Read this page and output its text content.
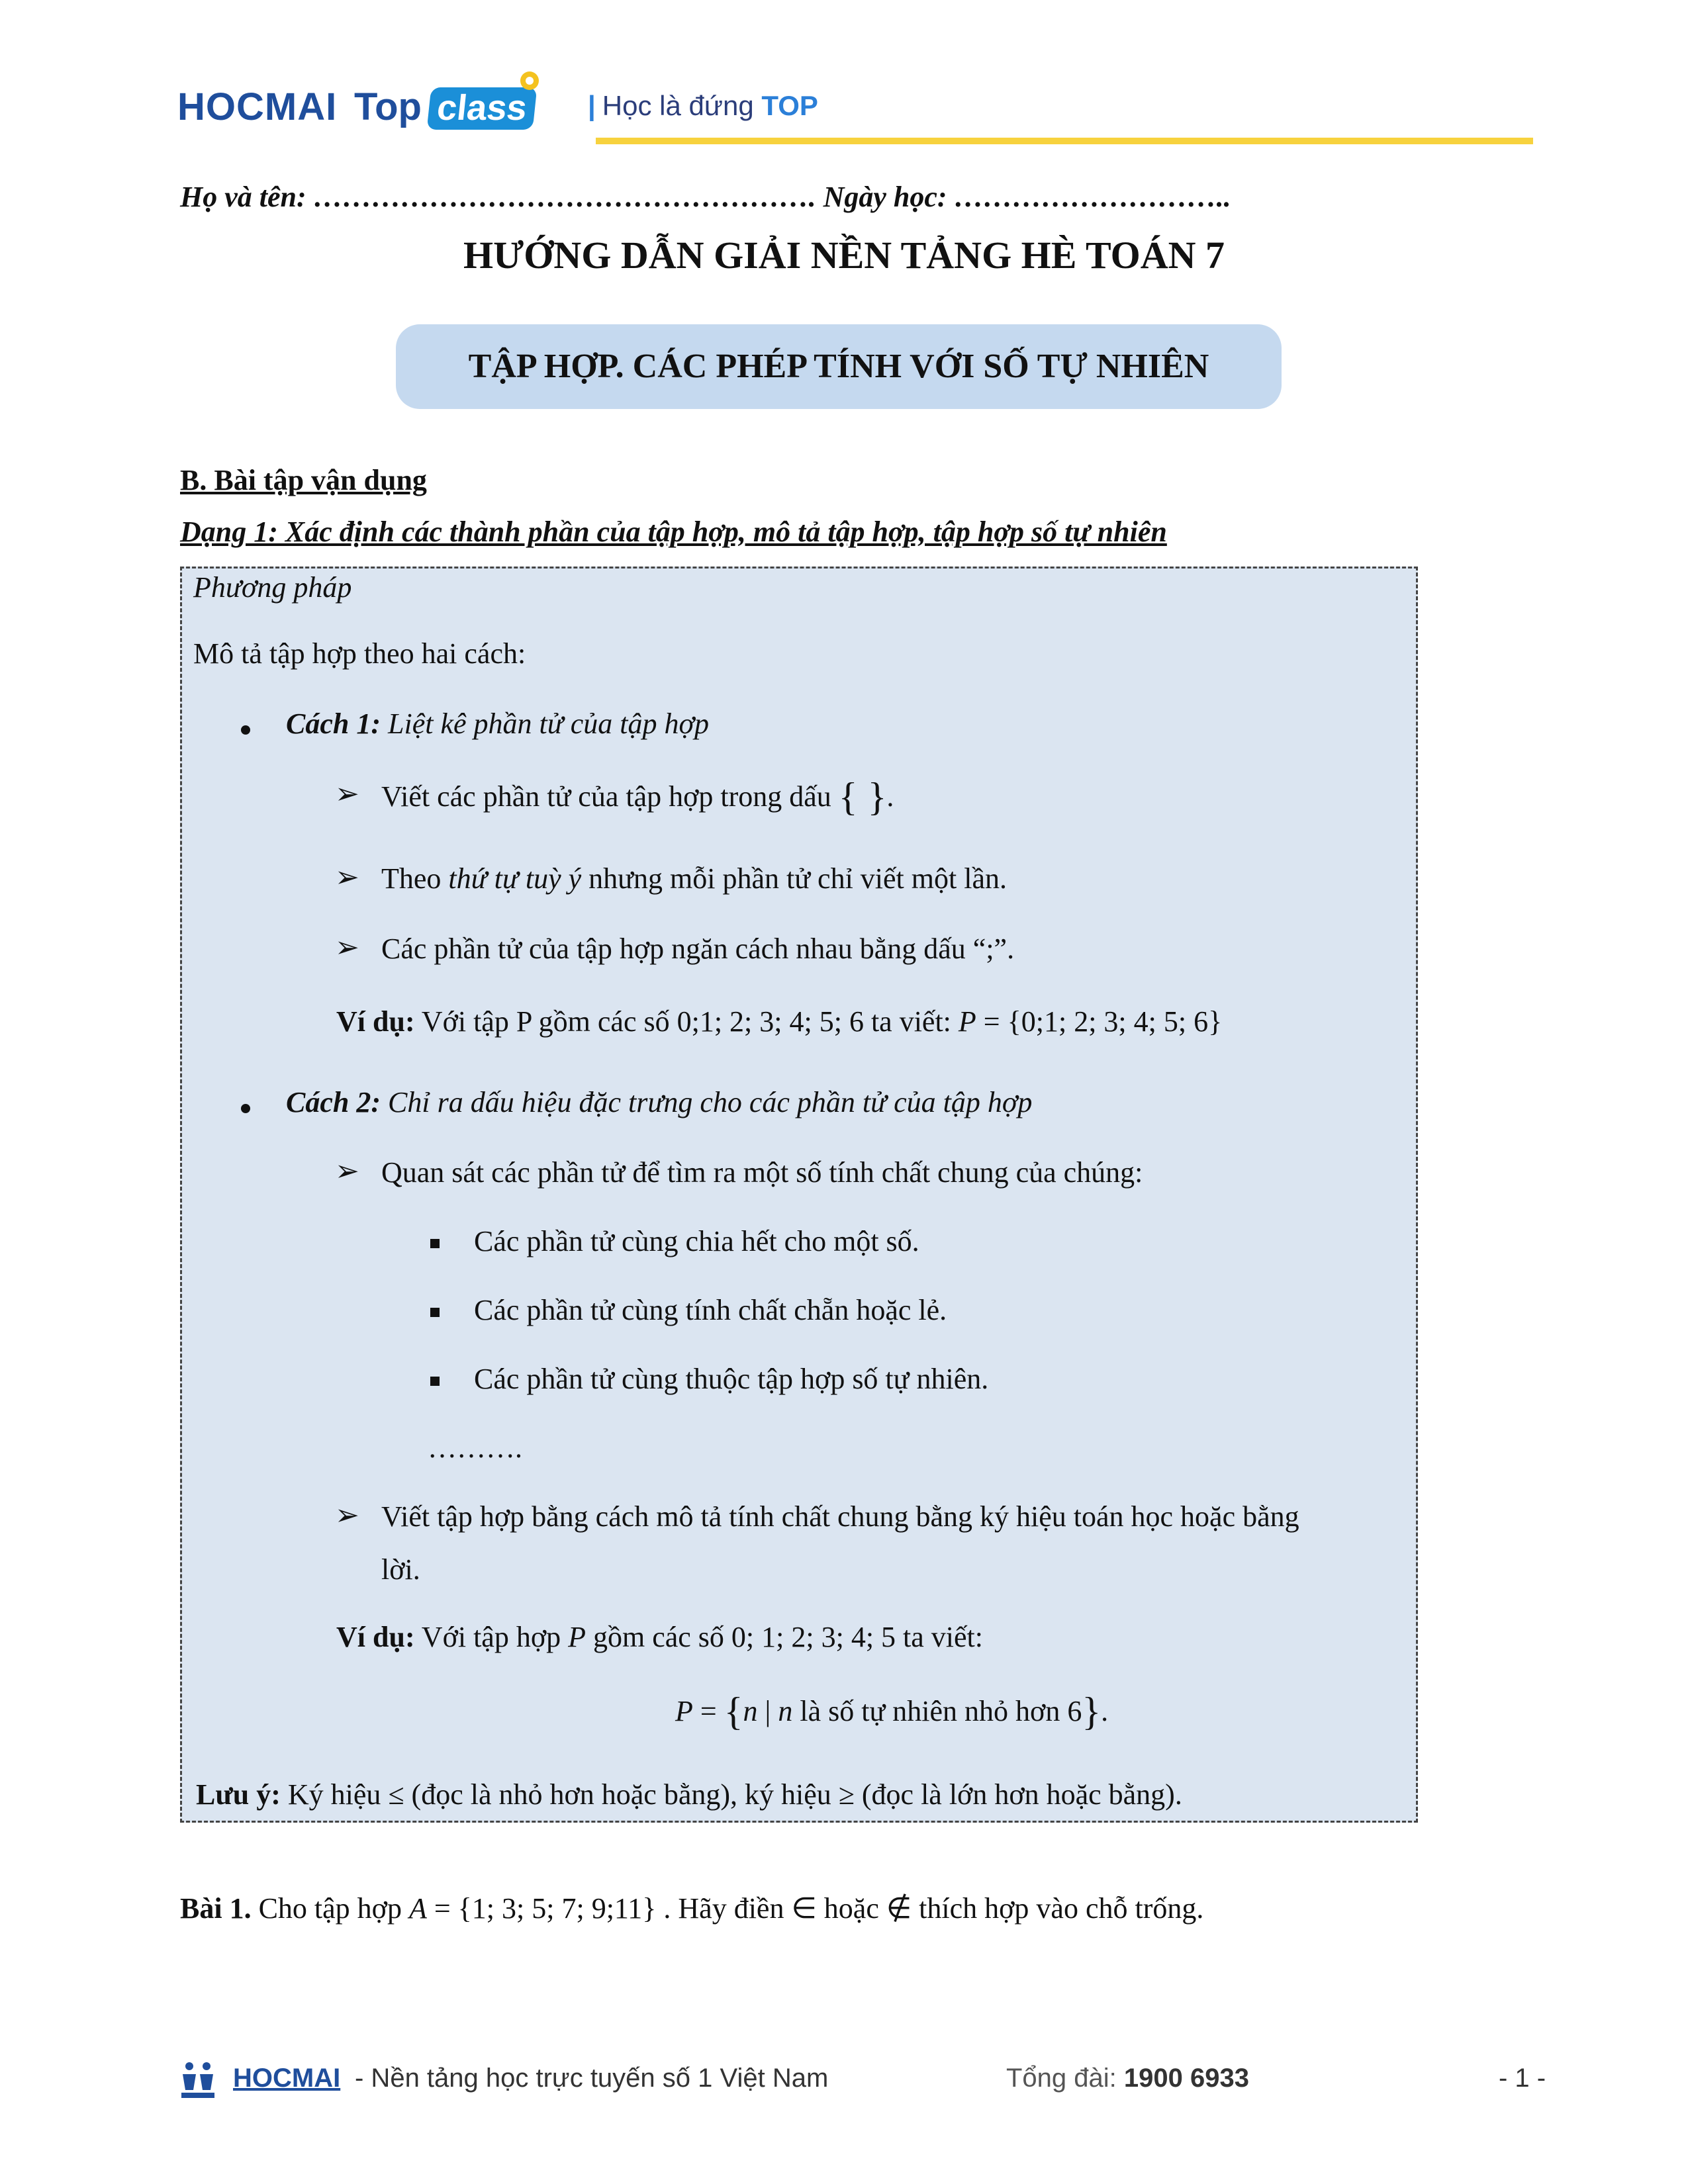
HOCMAI Top class | Học là đứng TOP
Họ và tên: ……………………………………………. Ngày học: ………………………..
HƯỚNG DẪN GIẢI NỀN TẢNG HÈ TOÁN 7
TẬP HỢP. CÁC PHÉP TÍNH VỚI SỐ TỰ NHIÊN
B. Bài tập vận dụng
Dạng 1: Xác định các thành phần của tập hợp, mô tả tập hợp, tập hợp số tự nhiên
Phương pháp
Mô tả tập hợp theo hai cách:
Cách 1: Liệt kê phần tử của tập hợp
➢ Viết các phần tử của tập hợp trong dấu { }.
➢ Theo thứ tự tuỳ ý nhưng mỗi phần tử chỉ viết một lần.
➢ Các phần tử của tập hợp ngăn cách nhau bằng dấu “;”.
Ví dụ: Với tập P gồm các số 0;1; 2; 3; 4; 5; 6 ta viết: P = {0;1; 2; 3; 4; 5; 6}
Cách 2: Chỉ ra dấu hiệu đặc trưng cho các phần tử của tập hợp
➢ Quan sát các phần tử để tìm ra một số tính chất chung của chúng:
Các phần tử cùng chia hết cho một số.
Các phần tử cùng tính chất chẵn hoặc lẻ.
Các phần tử cùng thuộc tập hợp số tự nhiên.
……….
➢ Viết tập hợp bằng cách mô tả tính chất chung bằng ký hiệu toán học hoặc bằng
lời.
Ví dụ: Với tập hợp P gồm các số 0; 1; 2; 3; 4; 5 ta viết:
P = {n | n là số tự nhiên nhỏ hơn 6}.
Lưu ý: Ký hiệu ≤ (đọc là nhỏ hơn hoặc bằng), ký hiệu ≥ (đọc là lớn hơn hoặc bằng).
Bài 1. Cho tập hợp A = {1; 3; 5; 7; 9;11} . Hãy điền ∈ hoặc ∉ thích hợp vào chỗ trống.
HOCMAI - Nền tảng học trực tuyến số 1 Việt Nam	Tổng đài: 1900 6933	- 1 -
